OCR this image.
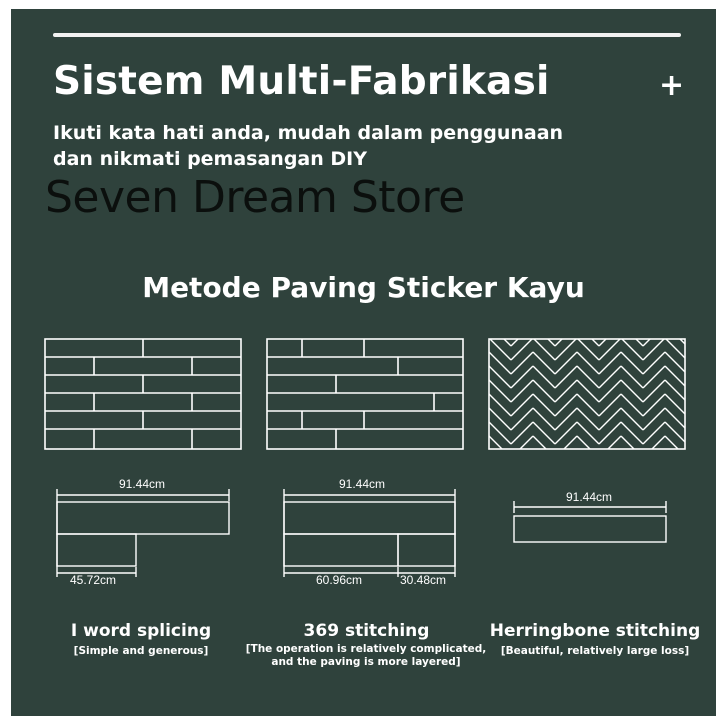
Sistem Multi-Fabrikasi	+
Ikuti kata hati anda, mudah dalam penggunaan dan nikmati pemasangan DIY
Seven Dream Store
Metode Paving Sticker Kayu
91.44cm
45.72cm
91.44cm
60.96cm	30.48cm
91.44cm
I word splicing
[Simple and generous]
369 stitching
[The operation is relatively complicated, and the paving is more layered]
Herringbone stitching
[Beautiful, relatively large loss]
